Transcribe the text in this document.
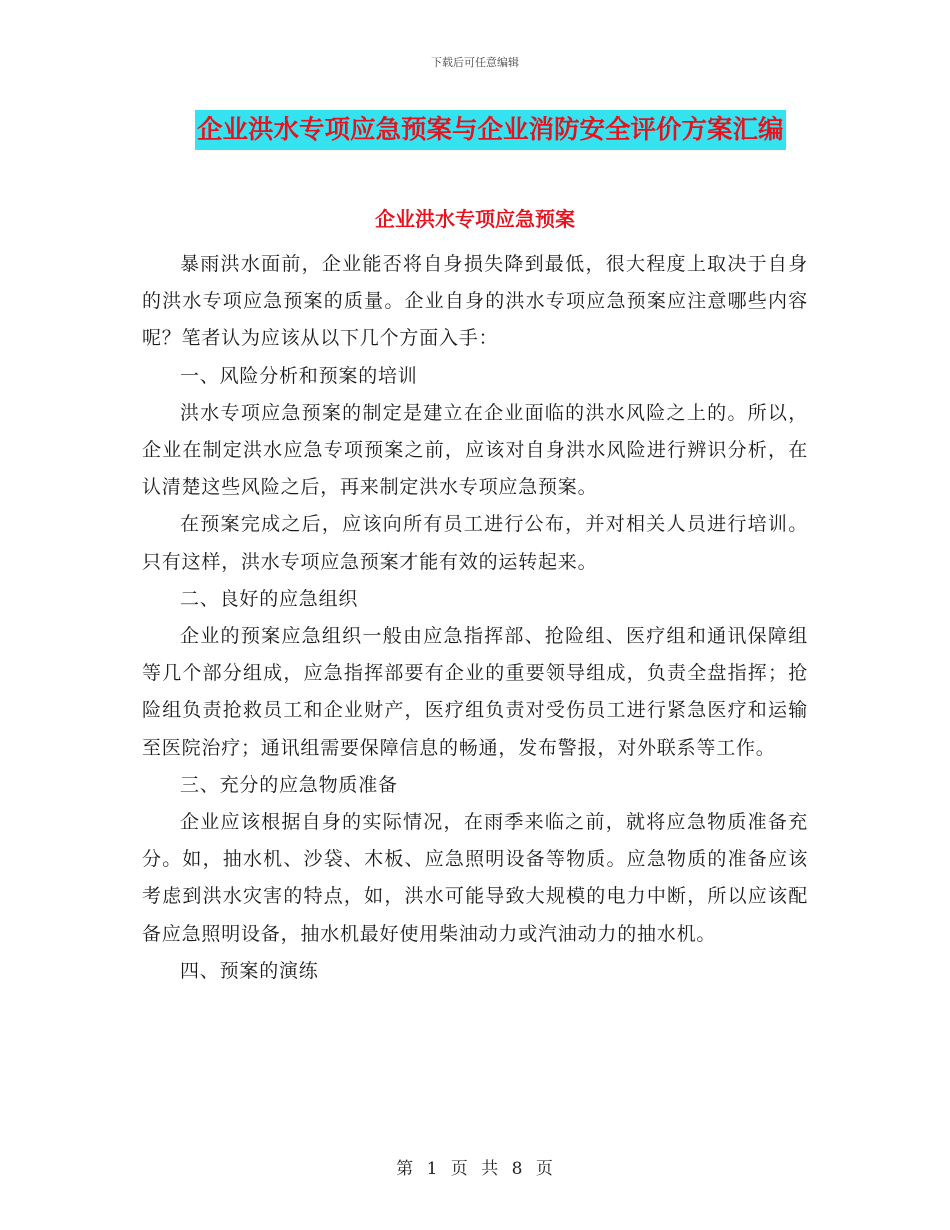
下载后可任意编辑
企业洪水专项应急预案与企业消防安全评价方案汇编
企业洪水专项应急预案

暴雨洪水面前，企业能否将自身损失降到最低，很大程度上取决于自身的洪水专项应急预案的质量。企业自身的洪水专项应急预案应注意哪些内容呢？笔者认为应该从以下几个方面入手：

一、风险分析和预案的培训

洪水专项应急预案的制定是建立在企业面临的洪水风险之上的。所以，企业在制定洪水应急专项预案之前，应该对自身洪水风险进行辨识分析，在认清楚这些风险之后，再来制定洪水专项应急预案。

在预案完成之后，应该向所有员工进行公布，并对相关人员进行培训。只有这样，洪水专项应急预案才能有效的运转起来。

二、良好的应急组织

企业的预案应急组织一般由应急指挥部、抢险组、医疗组和通讯保障组等几个部分组成，应急指挥部要有企业的重要领导组成，负责全盘指挥；抢险组负责抢救员工和企业财产，医疗组负责对受伤员工进行紧急医疗和运输至医院治疗；通讯组需要保障信息的畅通，发布警报，对外联系等工作。

三、充分的应急物质准备

企业应该根据自身的实际情况，在雨季来临之前，就将应急物质准备充分。如，抽水机、沙袋、木板、应急照明设备等物质。应急物质的准备应该考虑到洪水灾害的特点，如，洪水可能导致大规模的电力中断，所以应该配备应急照明设备，抽水机最好使用柴油动力或汽油动力的抽水机。

四、预案的演练

第 1 页 共 8 页
